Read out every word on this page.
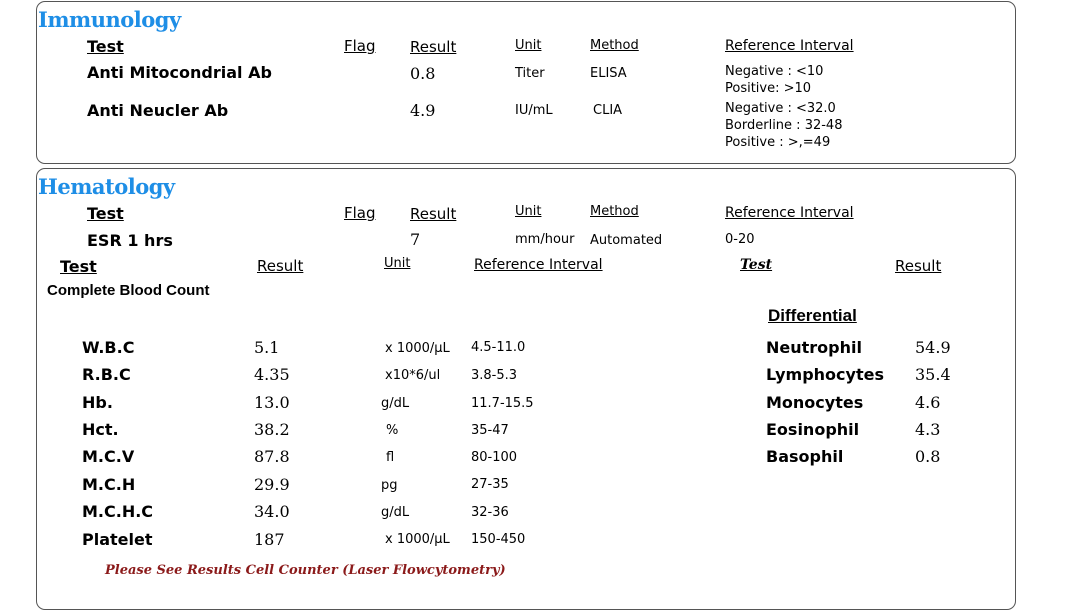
Immunology
Test	Flag Result	Unit	Method	Reference Interval
Anti Mitocondrial Ab	0.8	Titer	ELISA	Negative : <10
Positive: >10
Anti Neucler Ab	4.9	IU/mL	CLIA	Negative : <32.0
Borderline : 32-48
Positive : >,=49
Hematology
Test	Flag Result	Unit	Method	Reference Interval
ESR 1 hrs	7	mm/hour Automated	0-20
Test	Result	Unit	Reference Interval	Test	Result
Complete Blood Count
W.B.C	5.1	x 1000/µL 4.5-11.0
R.B.C	4.35	x10*6/ul 3.8-5.3
Hb.	13.0	g/dL	11.7-15.5
Hct.	38.2	%	35-47
M.C.V	87.8	fl	80-100
M.C.H	29.9	pg	27-35
M.C.H.C	34.0	g/dL	32-36
Platelet	187	x 1000/µL 150-450
Differential
Neutrophil	54.9
Lymphocytes 35.4
Monocytes	4.6
Eosinophil	4.3
Basophil	0.8
Please See Results Cell Counter (Laser Flowcytometry)
